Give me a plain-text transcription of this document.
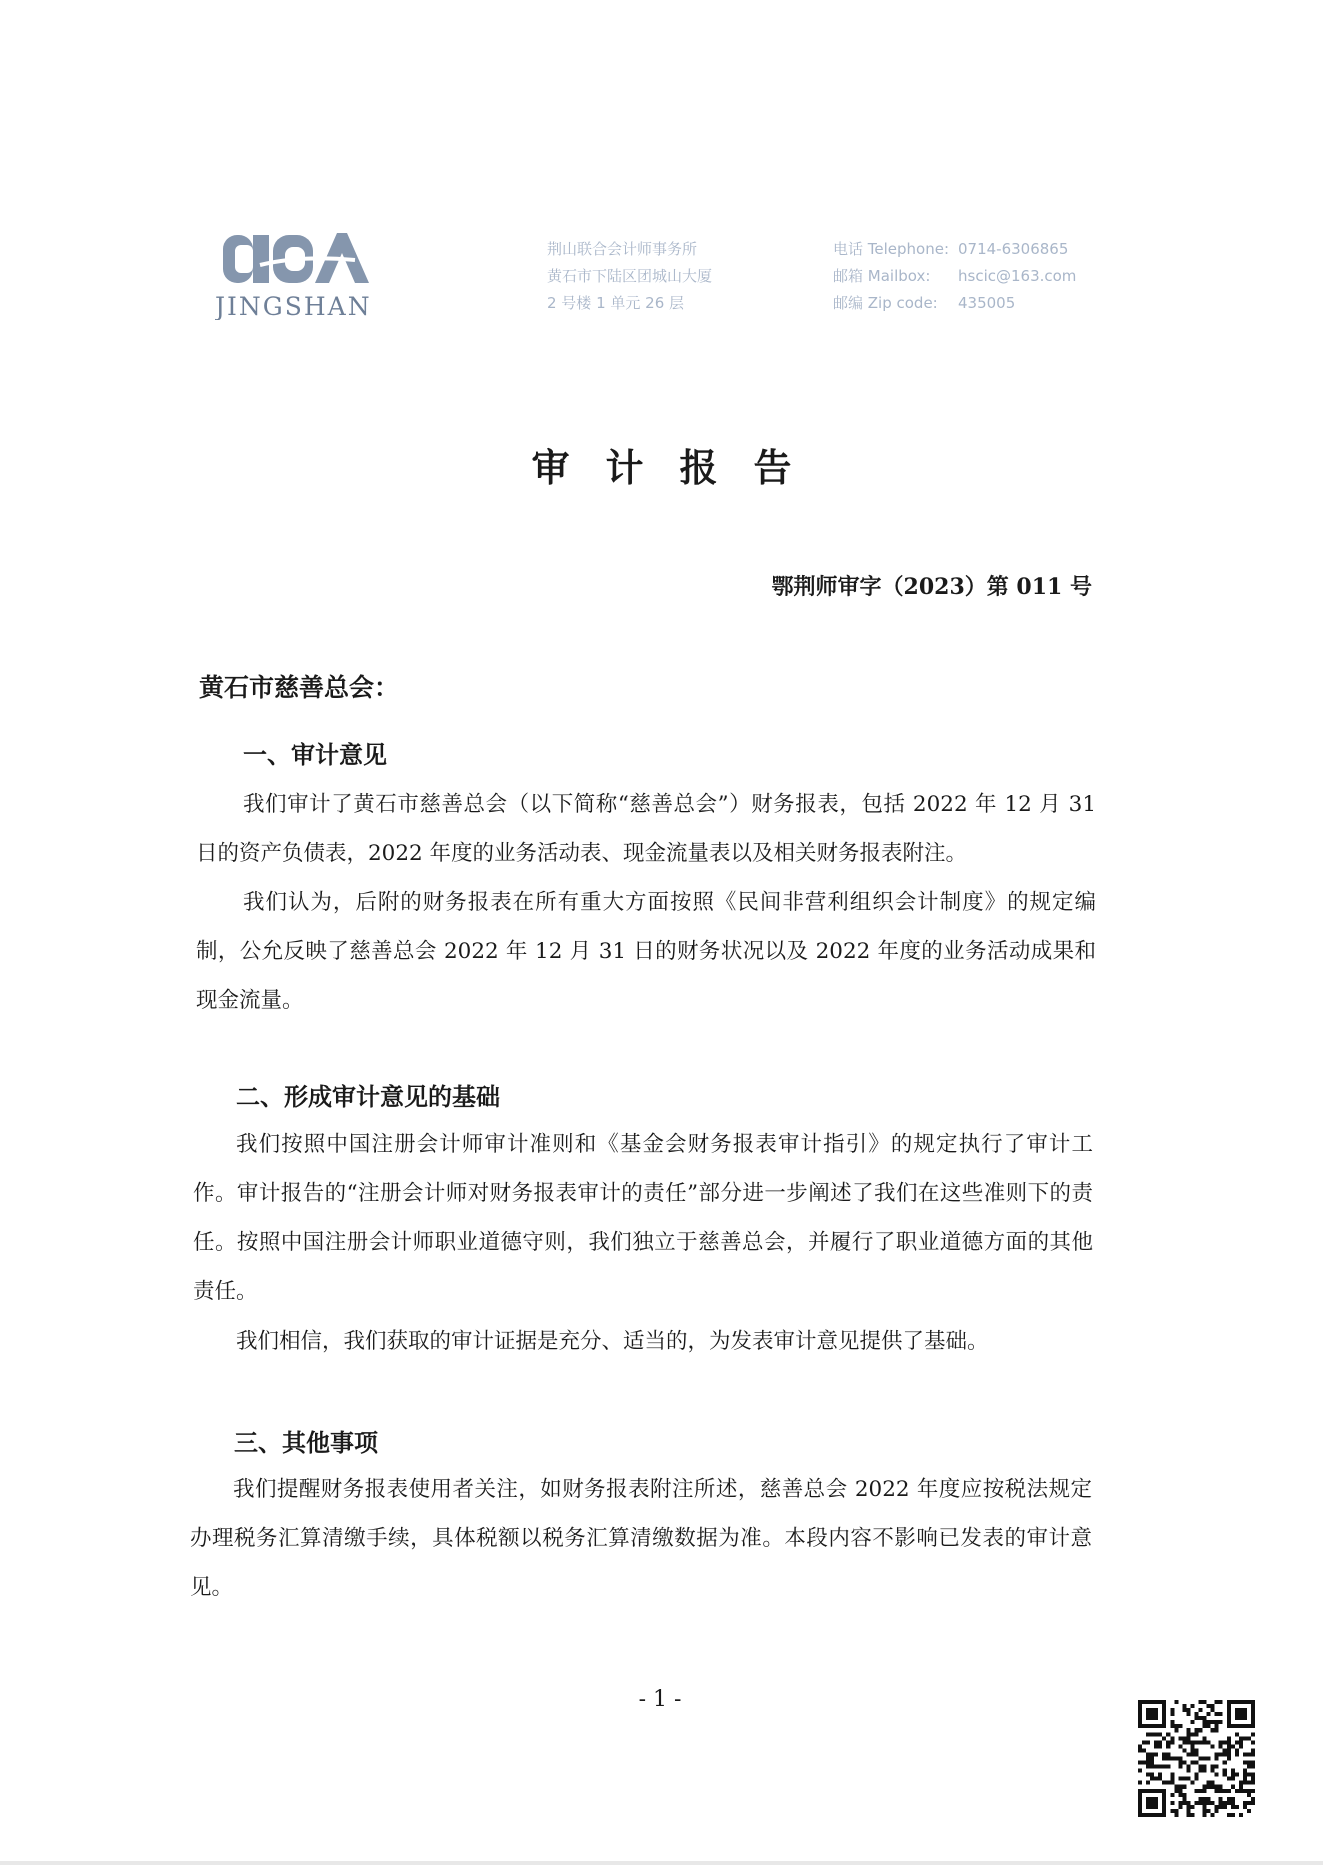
JINGSHAN
荆山联合会计师事务所
黄石市下陆区团城山大厦
2 号楼 1 单元 26 层
电话 Telephone: 0714-6306865
邮箱 Mailbox:	hscic@163.com
邮编 Zip code:	435005
审计报告
鄂荆师审字（2023）第 011 号
黄石市慈善总会：
一、审计意见
我们审计了黄石市慈善总会（以下简称“慈善总会”）财务报表，包括 2022 年 12 月 31 日的资产负债表，2022 年度的业务活动表、现金流量表以及相关财务报表附注。
我们认为，后附的财务报表在所有重大方面按照《民间非营利组织会计制度》的规定编制，公允反映了慈善总会 2022 年 12 月 31 日的财务状况以及 2022 年度的业务活动成果和现金流量。
二、形成审计意见的基础
我们按照中国注册会计师审计准则和《基金会财务报表审计指引》的规定执行了审计工作。审计报告的“注册会计师对财务报表审计的责任”部分进一步阐述了我们在这些准则下的责任。按照中国注册会计师职业道德守则，我们独立于慈善总会，并履行了职业道德方面的其他责任。
我们相信，我们获取的审计证据是充分、适当的，为发表审计意见提供了基础。
三、其他事项
我们提醒财务报表使用者关注，如财务报表附注所述，慈善总会 2022 年度应按税法规定办理税务汇算清缴手续，具体税额以税务汇算清缴数据为准。本段内容不影响已发表的审计意见。
- 1 -
